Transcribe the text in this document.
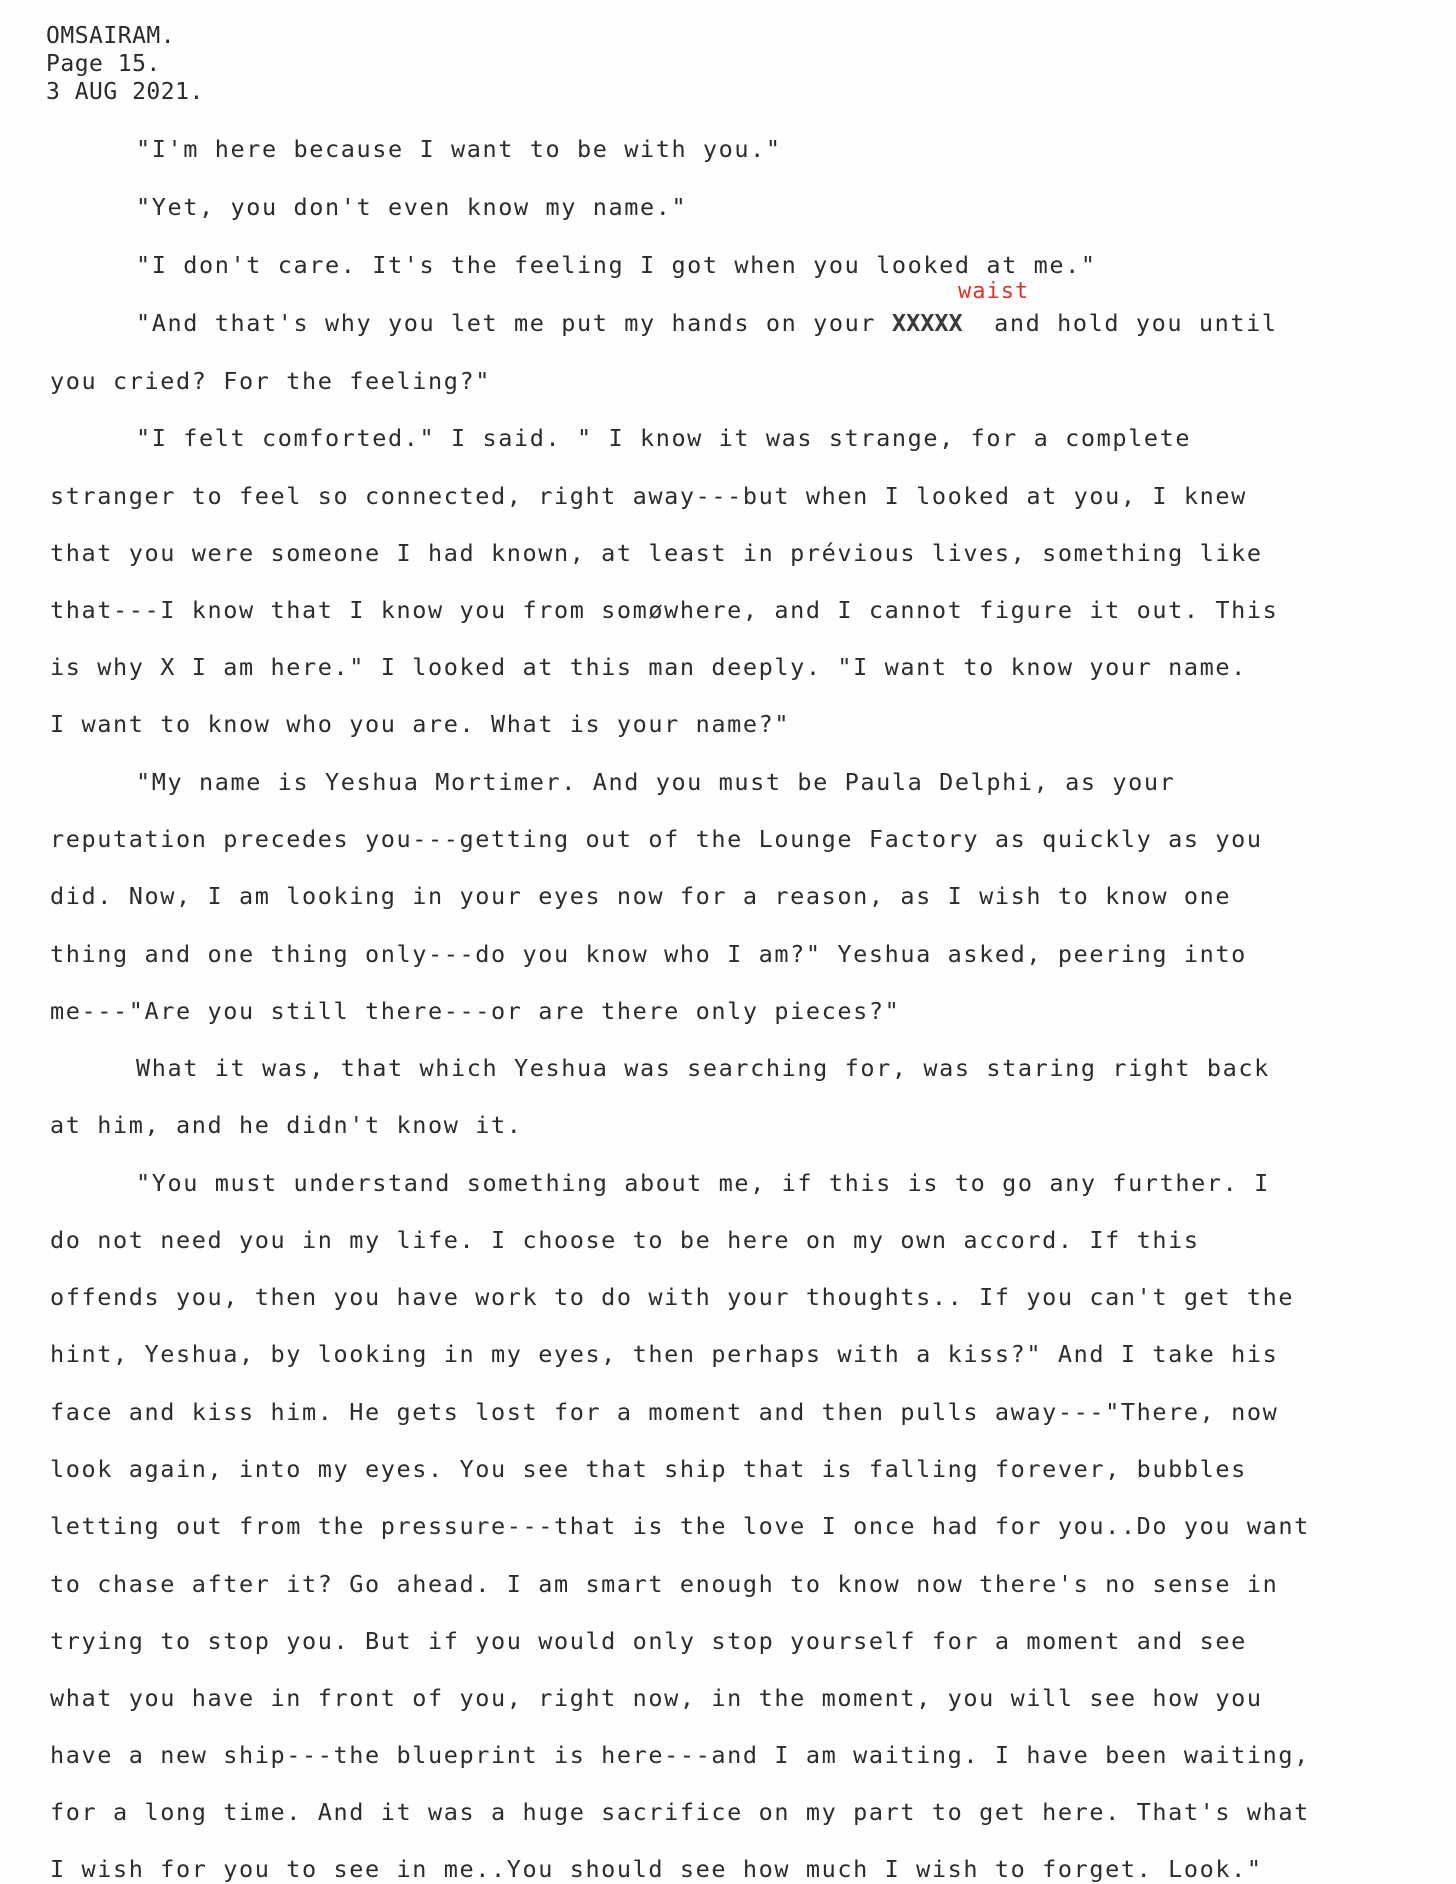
OMSAIRAM.
Page 15.
3 AUG 2021.
"I'm here because I want to be with you."
"Yet, you don't even know my name."
"I don't care. It's the feeling I got when you looked at me."
waist
"And that's why you let me put my hands on your XXXXX  and hold you until
you cried? For the feeling?"
"I felt comforted." I said. " I know it was strange, for a complete
stranger to feel so connected, right away---but when I looked at you, I knew
that you were someone I had known, at least in prévious lives, something like
that---I know that I know you from somøwhere, and I cannot figure it out. This
is why X I am here." I looked at this man deeply. "I want to know your name.
I want to know who you are. What is your name?"
"My name is Yeshua Mortimer. And you must be Paula Delphi, as your
reputation precedes you---getting out of the Lounge Factory as quickly as you
did. Now, I am looking in your eyes now for a reason, as I wish to know one
thing and one thing only---do you know who I am?" Yeshua asked, peering into
me---"Are you still there---or are there only pieces?"
What it was, that which Yeshua was searching for, was staring right back
at him, and he didn't know it.
"You must understand something about me, if this is to go any further. I
do not need you in my life. I choose to be here on my own accord. If this
offends you, then you have work to do with your thoughts.. If you can't get the
hint, Yeshua, by looking in my eyes, then perhaps with a kiss?" And I take his
face and kiss him. He gets lost for a moment and then pulls away---"There, now
look again, into my eyes. You see that ship that is falling forever, bubbles
letting out from the pressure---that is the love I once had for you..Do you want
to chase after it? Go ahead. I am smart enough to know now there's no sense in
trying to stop you. But if you would only stop yourself for a moment and see
what you have in front of you, right now, in the moment, you will see how you
have a new ship---the blueprint is here---and I am waiting. I have been waiting,
for a long time. And it was a huge sacrifice on my part to get here. That's what
I wish for you to see in me..You should see how much I wish to forget. Look."
